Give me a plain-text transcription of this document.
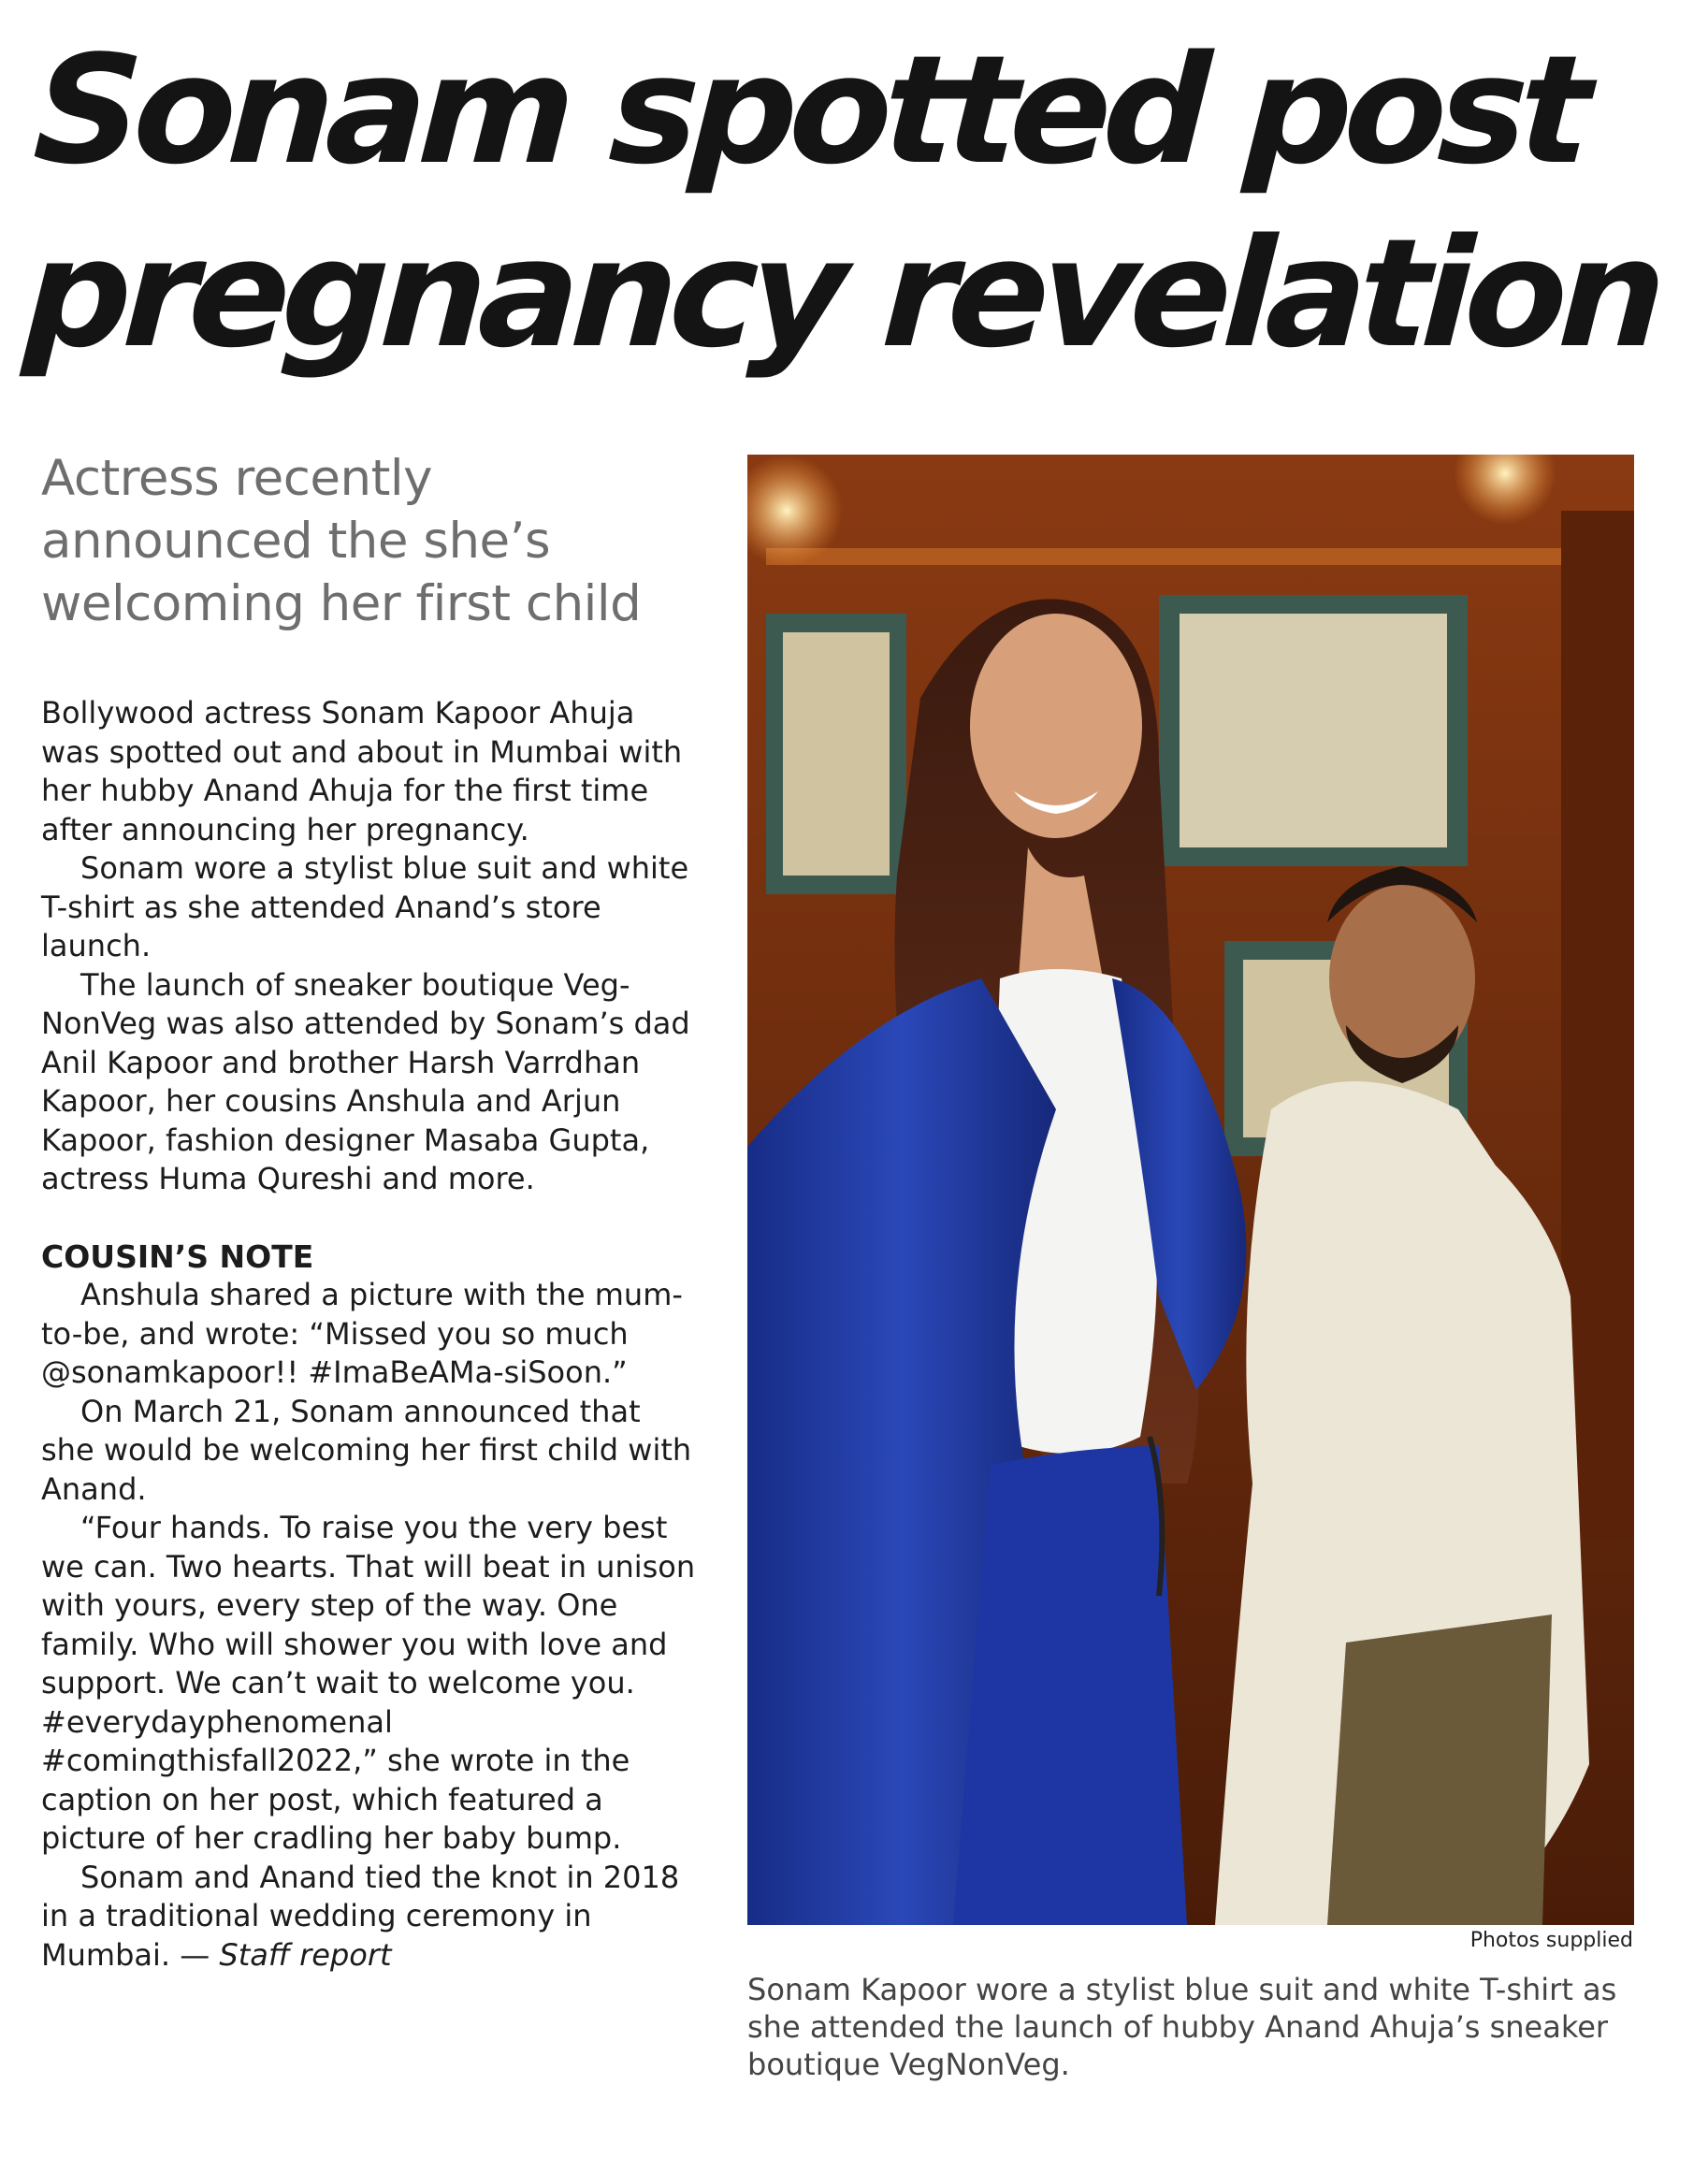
Sonam spotted post
pregnancy revelation
Actress recently announced the she’s welcoming her first child

Bollywood actress Sonam Kapoor Ahuja was spotted out and about in Mumbai with her hubby Anand Ahuja for the first time after announcing her pregnancy.

Sonam wore a stylist blue suit and white T-shirt as she attended Anand’s store launch.

The launch of sneaker boutique Veg-NonVeg was also attended by Sonam’s dad Anil Kapoor and brother Harsh Varrdhan Kapoor, her cousins Anshula and Arjun Kapoor, fashion designer Masaba Gupta, actress Huma Qureshi and more.

COUSIN’S NOTE

Anshula shared a picture with the mum-to-be, and wrote: “Missed you so much @sonamkapoor!! #ImaBeAMa-siSoon.”

On March 21, Sonam announced that she would be welcoming her first child with Anand.

“Four hands. To raise you the very best we can. Two hearts. That will beat in unison with yours, every step of the way. One family. Who will shower you with love and support. We can’t wait to welcome you. #everydayphenomenal #comingthisfall2022,” she wrote in the caption on her post, which featured a picture of her cradling her baby bump.

Sonam and Anand tied the knot in 2018 in a traditional wedding ceremony in Mumbai. — Staff report	Photos supplied
Sonam Kapoor wore a stylist blue suit and white T-shirt as she attended the launch of hubby Anand Ahuja’s sneaker boutique VegNonVeg.
